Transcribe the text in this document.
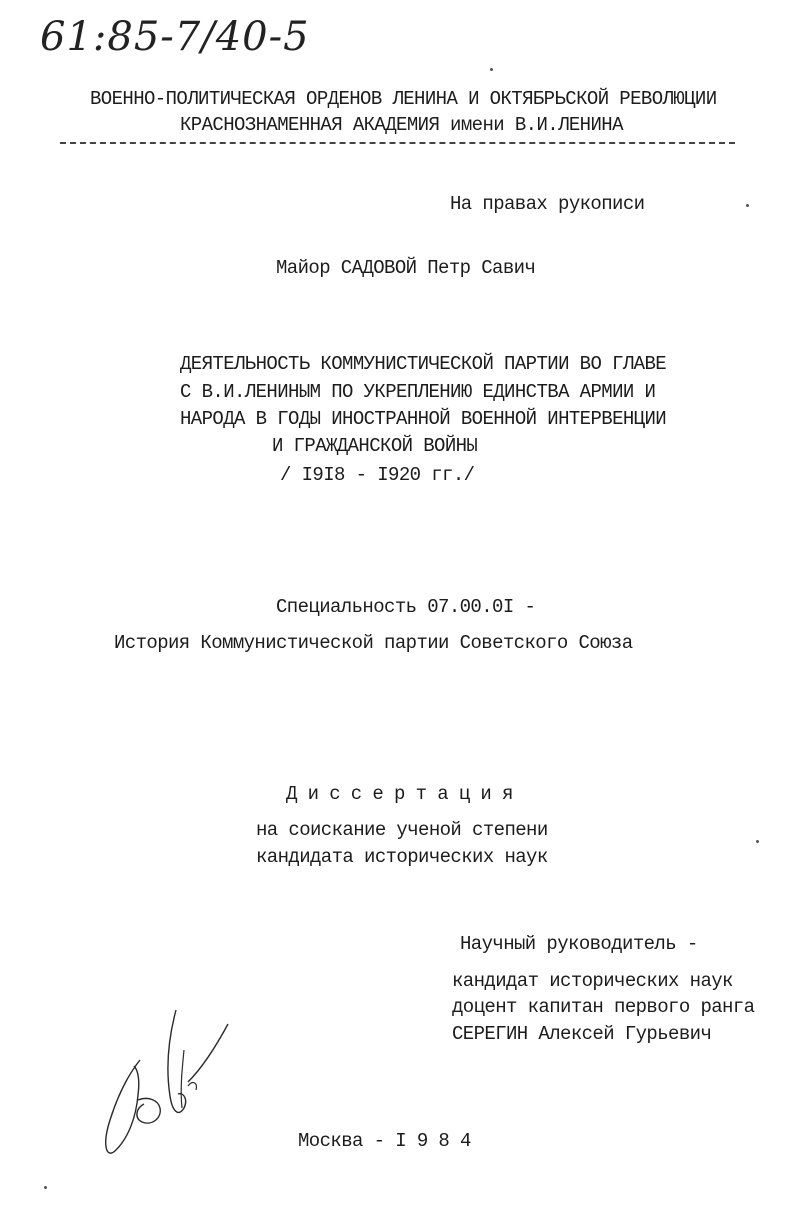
61:85-7/40-5
ВОЕННО-ПОЛИТИЧЕСКАЯ ОРДЕНОВ ЛЕНИНА И ОКТЯБРЬСКОЙ РЕВОЛЮЦИИ
КРАСНОЗНАМЕННАЯ АКАДЕМИЯ имени В.И.ЛЕНИНА
На правах рукописи
Майор САДОВОЙ Петр Савич
ДЕЯТЕЛЬНОСТЬ КОММУНИСТИЧЕСКОЙ ПАРТИИ ВО ГЛАВЕ
С В.И.ЛЕНИНЫМ ПО УКРЕПЛЕНИЮ ЕДИНСТВА АРМИИ И
НАРОДА В ГОДЫ ИНОСТРАННОЙ ВОЕННОЙ ИНТЕРВЕНЦИИ
И ГРАЖДАНСКОЙ ВОЙНЫ
/ I9I8 - I920 гг./
Специальность 07.00.0I -
История Коммунистической партии Советского Союза
Д и с с е р т а ц и я
на соискание ученой степени
кандидата исторических наук
Научный руководитель -
кандидат исторических наук
доцент капитан первого ранга
СЕРЕГИН Алексей Гурьевич
Москва - I 9 8 4
